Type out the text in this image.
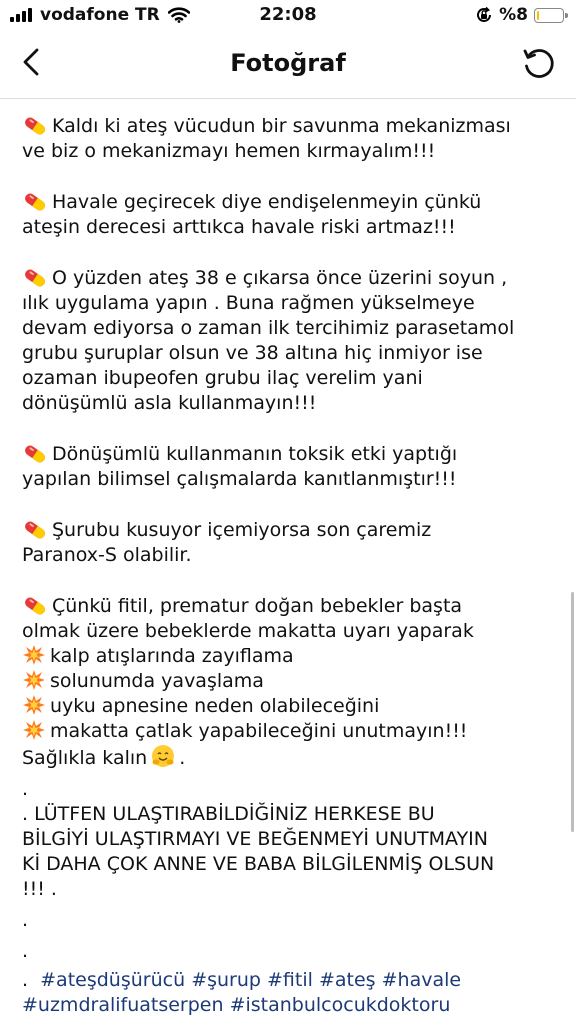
vodafone TR	22:08	%8
Fotoğraf
Kaldı ki ateş vücudun bir savunma mekanizması
ve biz o mekanizmayı hemen kırmayalım!!!
Havale geçirecek diye endişelenmeyin çünkü
ateşin derecesi arttıkca havale riski artmaz!!!
O yüzden ateş 38 e çıkarsa önce üzerini soyun ,
ılık uygulama yapın . Buna rağmen yükselmeye
devam ediyorsa o zaman ilk tercihimiz parasetamol
grubu şuruplar olsun ve 38 altına hiç inmiyor ise
ozaman ibupeofen grubu ilaç verelim yani
dönüşümlü asla kullanmayın!!!
Dönüşümlü kullanmanın toksik etki yaptığı
yapılan bilimsel çalışmalarda kanıtlanmıştır!!!
Şurubu kusuyor içemiyorsa son çaremiz
Paranox-S olabilir.
Çünkü fitil, prematur doğan bebekler başta
olmak üzere bebeklerde makatta uyarı yaparak
kalp atışlarında zayıflama
solunumda yavaşlama
uyku apnesine neden olabileceğini
makatta çatlak yapabileceğini unutmayın!!!
Sağlıkla kalın .
.
. LÜTFEN ULAŞTIRABİLDİĞİNİZ HERKESE BU
BİLGİYİ ULAŞTIRMAYI VE BEĞENMEYİ UNUTMAYIN
Kİ DAHA ÇOK ANNE VE BABA BİLGİLENMİŞ OLSUN
!!! .
.
.
. #ateşdüşürücü #şurup #fitil #ateş #havale
#uzmdralifuatserpen #istanbulcocukdoktoru
